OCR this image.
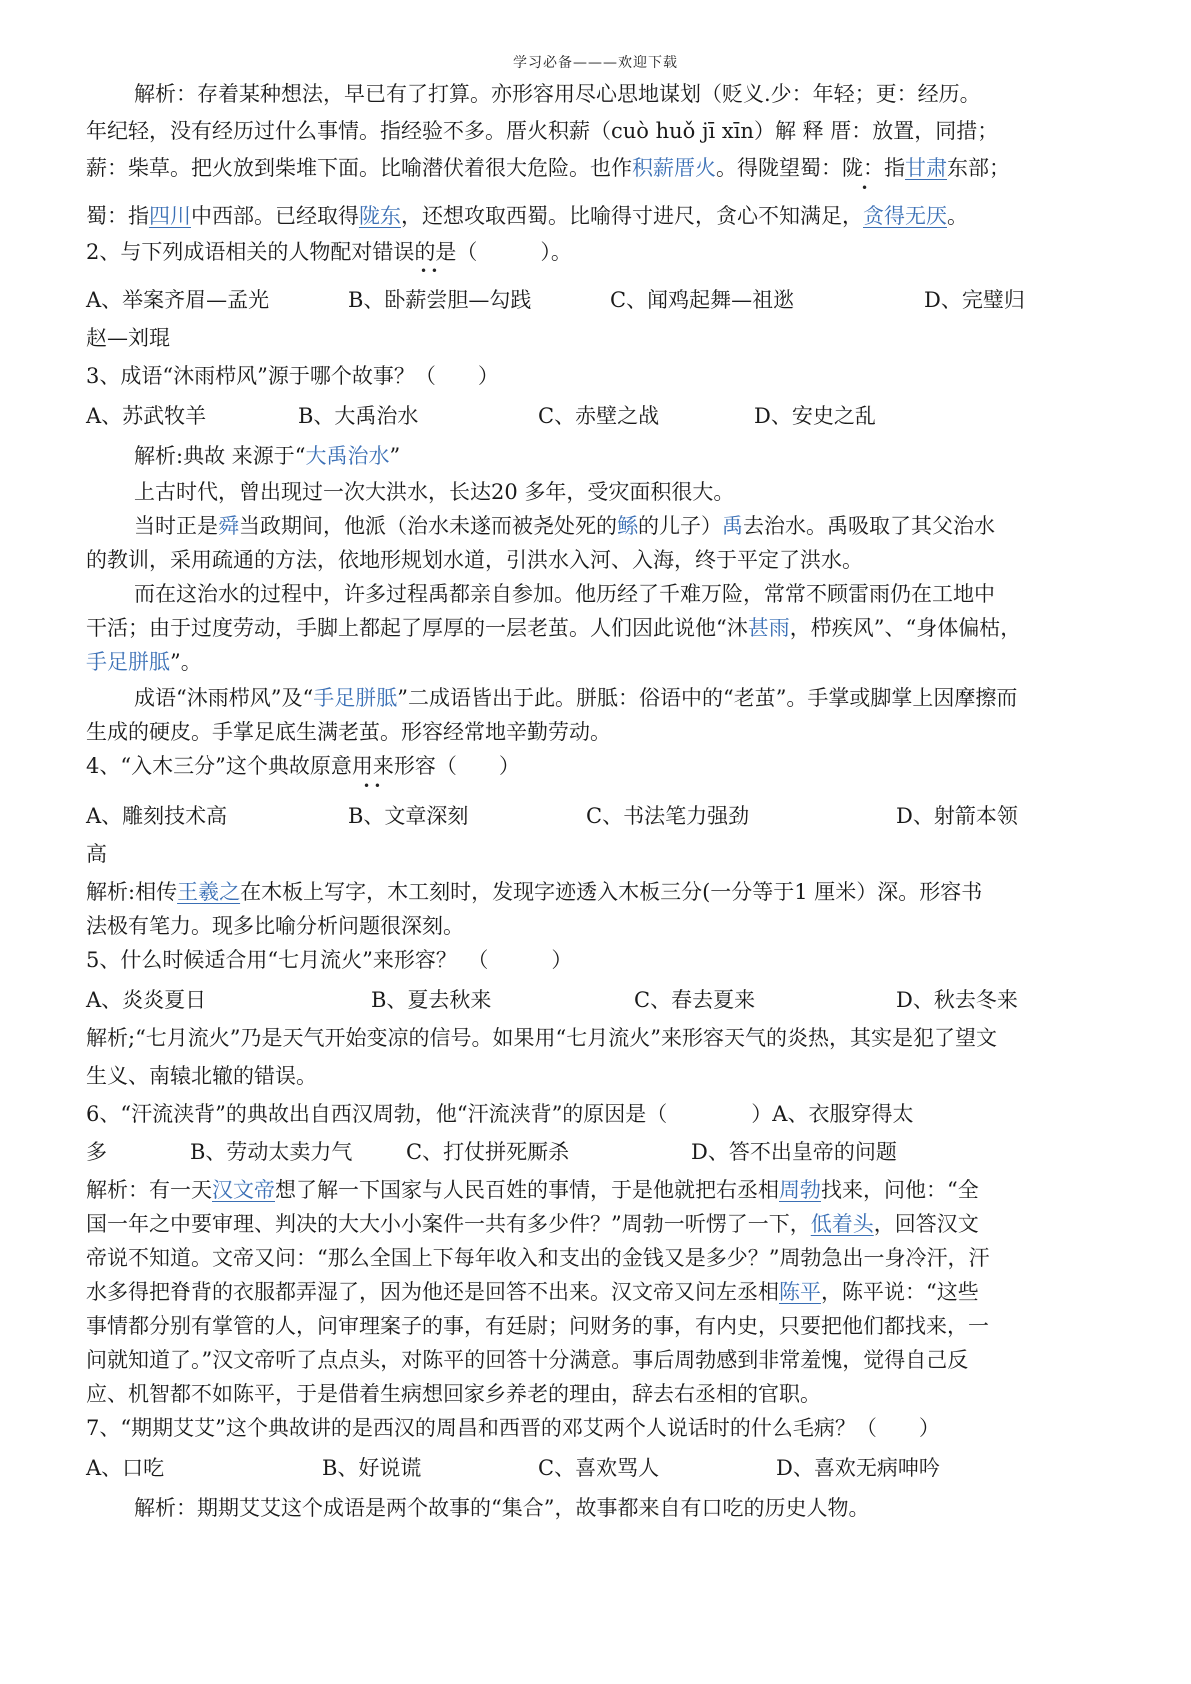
学习必备———欢迎下载
解析：存着某种想法，早已有了打算。亦形容用尽心思地谋划（贬义.少：年轻；更：经历。
年纪轻，没有经历过什么事情。指经验不多。厝火积薪（cuò huǒ jī xīn）解 释 厝：放置，同措；
薪：柴草。把火放到柴堆下面。比喻潜伏着很大危险。也作积薪厝火。得陇望蜀：陇：指甘肃东部；
•
蜀：指四川中西部。已经取得陇东，还想攻取西蜀。比喻得寸进尺，贪心不知满足，贪得无厌。
2、与下列成语相关的人物配对错误的是（　　　）。
• •
A、举案齐眉—孟光	B、卧薪尝胆—勾践	C、闻鸡起舞—祖逖	D、完璧归
赵—刘琨
3、成语“沐雨栉风”源于哪个故事？（　　）
A、苏武牧羊	B、大禹治水	C、赤壁之战	D、安史之乱
解析:典故 来源于“大禹治水”
上古时代，曾出现过一次大洪水，长达20 多年，受灾面积很大。
当时正是舜当政期间，他派（治水未遂而被尧处死的鲧的儿子）禹去治水。禹吸取了其父治水
的教训，采用疏通的方法，依地形规划水道，引洪水入河、入海，终于平定了洪水。
而在这治水的过程中，许多过程禹都亲自参加。他历经了千难万险，常常不顾雷雨仍在工地中
干活；由于过度劳动，手脚上都起了厚厚的一层老茧。人们因此说他“沐甚雨，栉疾风”、“身体偏枯，
手足胼胝”。
成语“沐雨栉风”及“手足胼胝”二成语皆出于此。胼胝：俗语中的“老茧”。手掌或脚掌上因摩擦而
生成的硬皮。手掌足底生满老茧。形容经常地辛勤劳动。
4、“入木三分”这个典故原意用来形容（　　）
• •
A、雕刻技术高	B、文章深刻	C、书法笔力强劲	D、射箭本领
高
解析:相传王羲之在木板上写字，木工刻时，发现字迹透入木板三分(一分等于1 厘米）深。形容书
法极有笔力。现多比喻分析问题很深刻。
5、什么时候适合用“七月流火”来形容？　（　　　）
A、炎炎夏日	B、夏去秋来	C、春去夏来	D、秋去冬来
解析;“七月流火”乃是天气开始变凉的信号。如果用“七月流火”来形容天气的炎热，其实是犯了望文
生义、南辕北辙的错误。
6、“汗流浃背”的典故出自西汉周勃，他“汗流浃背”的原因是（　　　　）A、衣服穿得太
多	B、劳动太卖力气	C、打仗拼死厮杀	D、答不出皇帝的问题
解析：有一天汉文帝想了解一下国家与人民百姓的事情，于是他就把右丞相周勃找来，问他：“全
国一年之中要审理、判决的大大小小案件一共有多少件？”周勃一听愣了一下，低着头，回答汉文
帝说不知道。文帝又问：“那么全国上下每年收入和支出的金钱又是多少？”周勃急出一身冷汗，汗
水多得把脊背的衣服都弄湿了，因为他还是回答不出来。汉文帝又问左丞相陈平，陈平说：“这些
事情都分别有掌管的人，问审理案子的事，有廷尉；问财务的事，有内史，只要把他们都找来，一
问就知道了。”汉文帝听了点点头，对陈平的回答十分满意。事后周勃感到非常羞愧，觉得自己反
应、机智都不如陈平，于是借着生病想回家乡养老的理由，辞去右丞相的官职。
7、“期期艾艾”这个典故讲的是西汉的周昌和西晋的邓艾两个人说话时的什么毛病？（　　）
A、口吃	B、好说谎	C、喜欢骂人	D、喜欢无病呻吟
解析：期期艾艾这个成语是两个故事的“集合”，故事都来自有口吃的历史人物。
